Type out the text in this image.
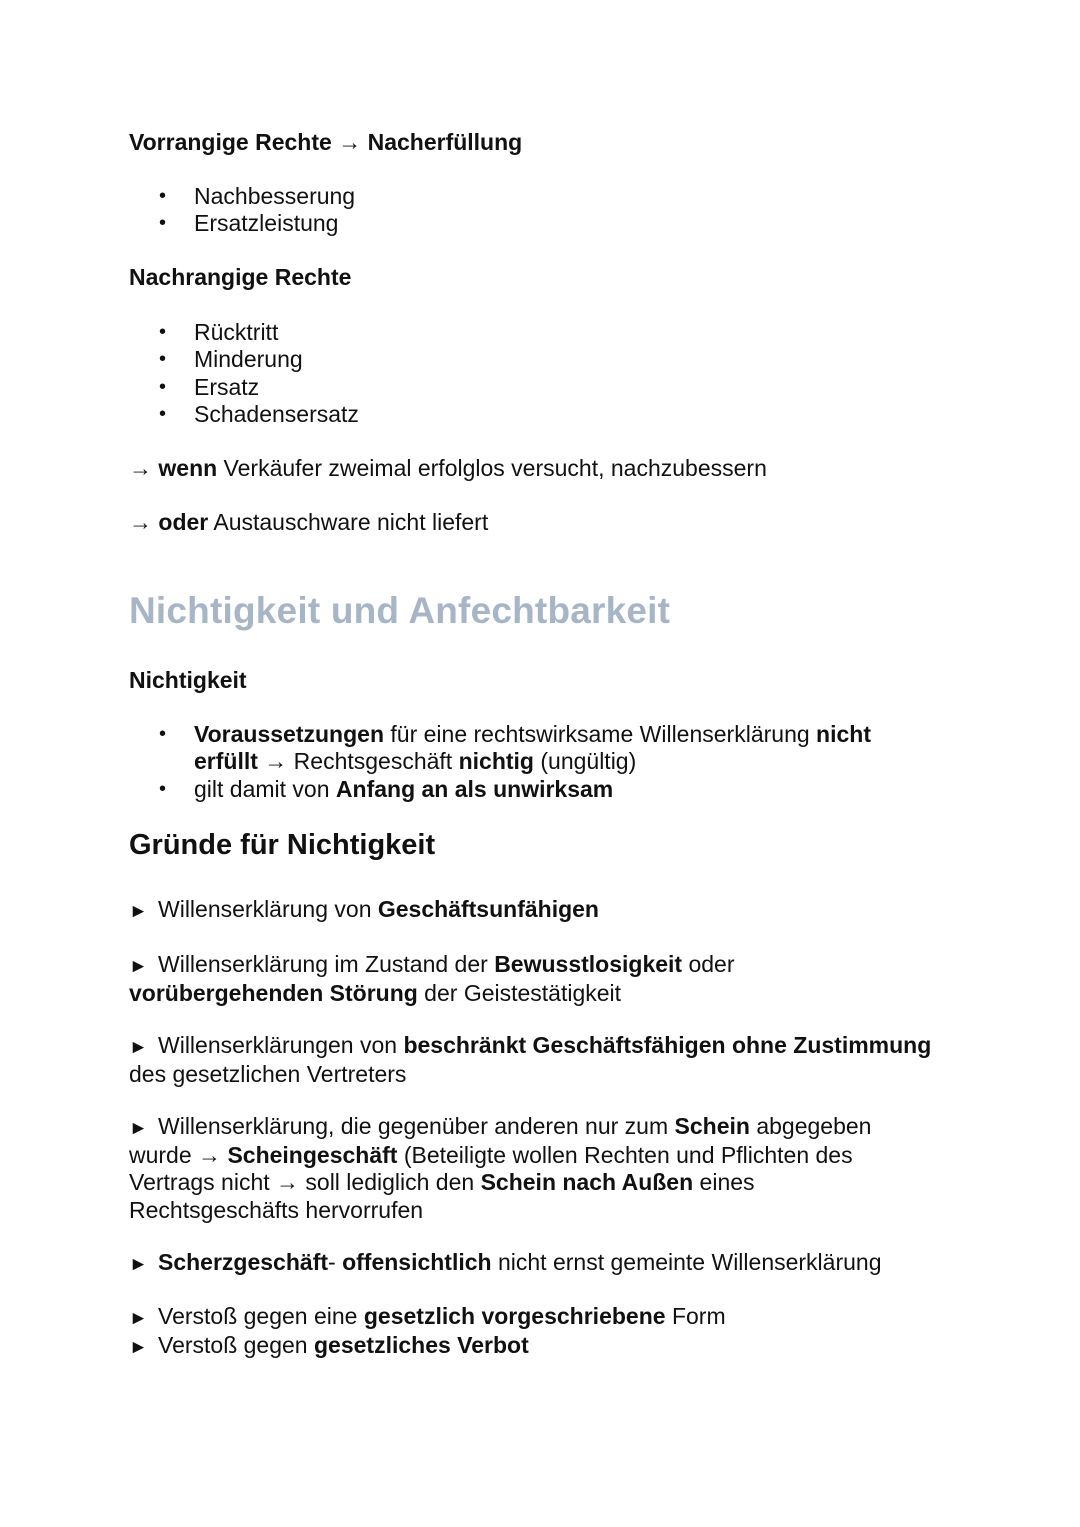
Vorrangige Rechte → Nacherfüllung
• Nachbesserung
• Ersatzleistung
Nachrangige Rechte
• Rücktritt
• Minderung
• Ersatz
• Schadensersatz
→ wenn Verkäufer zweimal erfolglos versucht, nachzubessern
→ oder Austauschware nicht liefert
Nichtigkeit und Anfechtbarkeit
Nichtigkeit
• Voraussetzungen für eine rechtswirksame Willenserklärung nicht
erfüllt → Rechtsgeschäft nichtig (ungültig)
• gilt damit von Anfang an als unwirksam
Gründe für Nichtigkeit
► Willenserklärung von Geschäftsunfähigen
► Willenserklärung im Zustand der Bewusstlosigkeit oder
vorübergehenden Störung der Geistestätigkeit
► Willenserklärungen von beschränkt Geschäftsfähigen ohne Zustimmung
des gesetzlichen Vertreters
► Willenserklärung, die gegenüber anderen nur zum Schein abgegeben
wurde → Scheingeschäft (Beteiligte wollen Rechten und Pflichten des
Vertrags nicht → soll lediglich den Schein nach Außen eines
Rechtsgeschäfts hervorrufen
► Scherzgeschäft- offensichtlich nicht ernst gemeinte Willenserklärung
► Verstoß gegen eine gesetzlich vorgeschriebene Form
► Verstoß gegen gesetzliches Verbot
